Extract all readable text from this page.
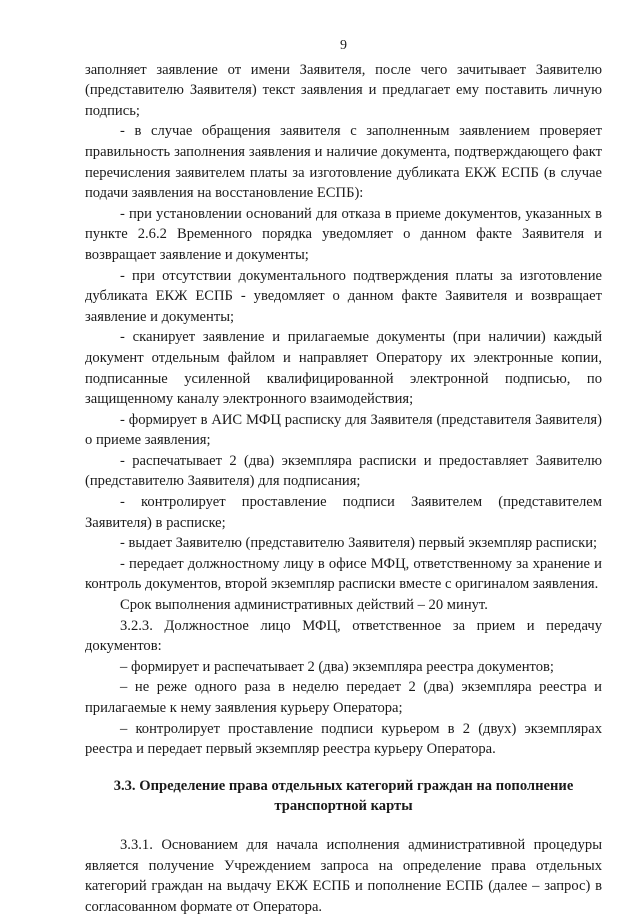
9

заполняет заявление от имени Заявителя, после чего зачитывает Заявителю (представителю Заявителя) текст заявления и предлагает ему поставить личную подпись;

- в случае обращения заявителя с заполненным заявлением проверяет правильность заполнения заявления и наличие документа, подтверждающего факт перечисления заявителем платы за изготовление дубликата ЕКЖ ЕСПБ (в случае подачи заявления на восстановление ЕСПБ):

- при установлении оснований для отказа в приеме документов, указанных в пункте 2.6.2 Временного порядка уведомляет о данном факте Заявителя и возвращает заявление и документы;

- при отсутствии документального подтверждения платы за изготовление дубликата ЕКЖ ЕСПБ - уведомляет о данном факте Заявителя и возвращает заявление и документы;

- сканирует заявление и прилагаемые документы (при наличии) каждый документ отдельным файлом и направляет Оператору их электронные копии, подписанные усиленной квалифицированной электронной подписью, по защищенному каналу электронного взаимодействия;

- формирует в АИС МФЦ расписку для Заявителя (представителя Заявителя) о приеме заявления;

- распечатывает 2 (два) экземпляра расписки и предоставляет Заявителю (представителю Заявителя) для подписания;

- контролирует проставление подписи Заявителем (представителем Заявителя) в расписке;

- выдает Заявителю (представителю Заявителя) первый экземпляр расписки;

- передает должностному лицу в офисе МФЦ, ответственному за хранение и контроль документов, второй экземпляр расписки вместе с оригиналом заявления.

Срок выполнения административных действий – 20 минут.

3.2.3. Должностное лицо МФЦ, ответственное за прием и передачу документов:

– формирует и распечатывает 2 (два) экземпляра реестра документов;

– не реже одного раза в неделю передает 2 (два) экземпляра реестра и прилагаемые к нему заявления курьеру Оператора;

– контролирует проставление подписи курьером в 2 (двух) экземплярах реестра и передает первый экземпляр реестра курьеру Оператора.

3.3. Определение права отдельных категорий граждан на пополнение
транспортной карты

3.3.1. Основанием для начала исполнения административной процедуры является получение Учреждением запроса на определение права отдельных категорий граждан на выдачу ЕКЖ ЕСПБ и пополнение ЕСПБ (далее – запрос) в согласованном формате от Оператора.
